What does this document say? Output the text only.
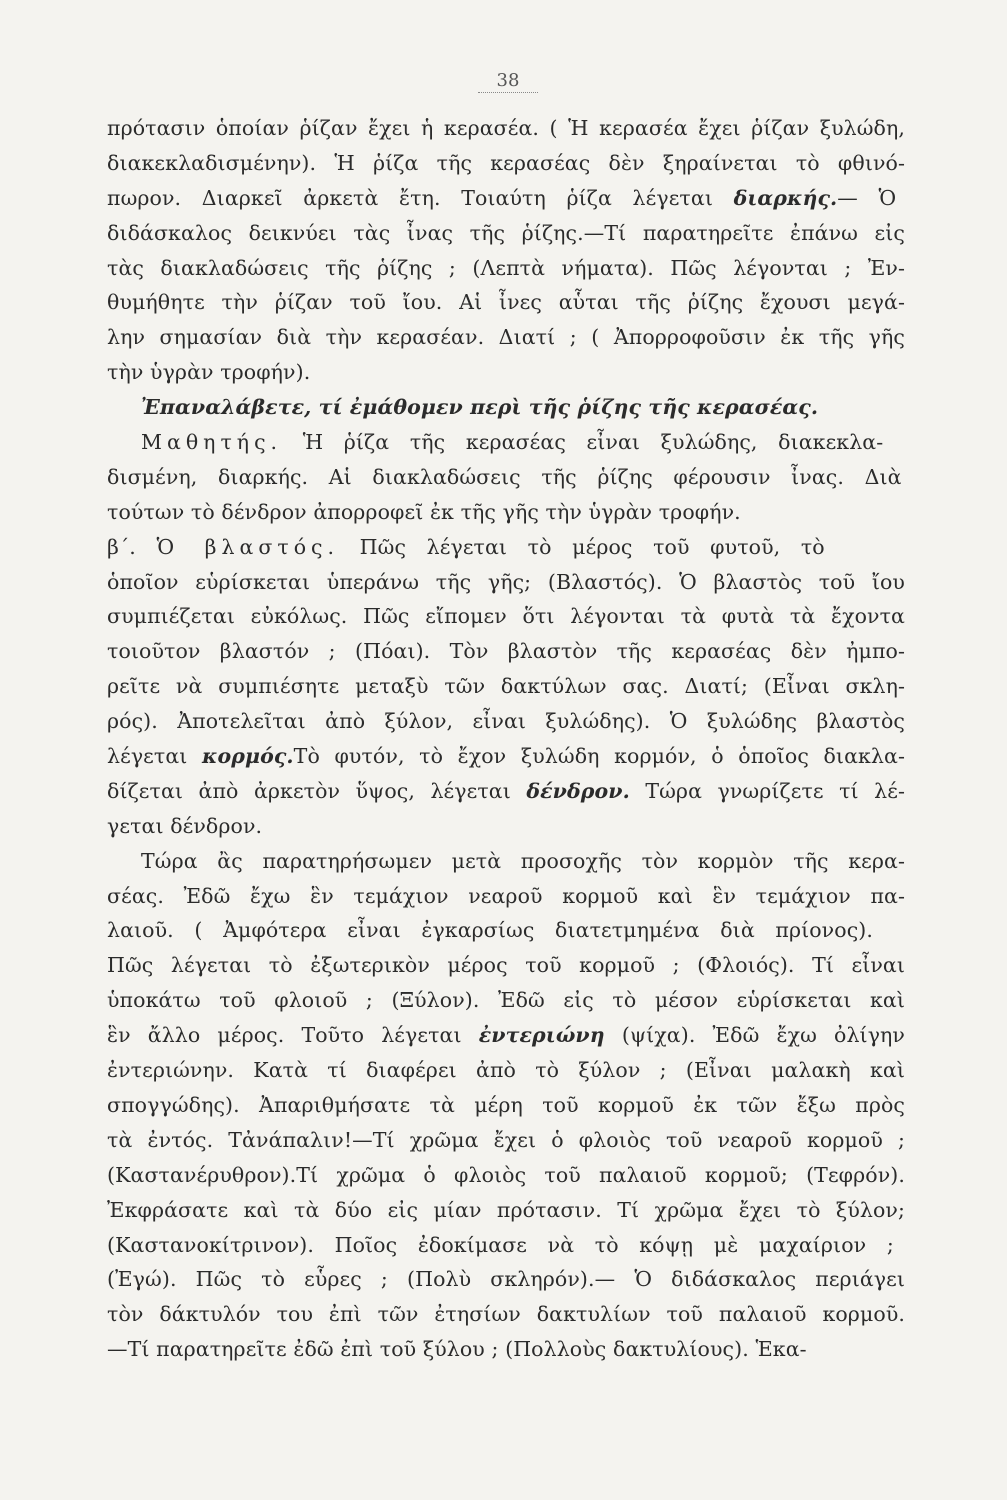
38
πρότασιν ὁποίαν ῥίζαν ἔχει ἡ κερασέα. ( Ἡ κερασέα ἔχει ῥίζαν ξυλώδη,
διακεκλαδισμένην). Ἡ ῥίζα τῆς κερασέας δὲν ξηραίνεται τὸ φθινό-
πωρον. Διαρκεῖ ἀρκετὰ ἔτη. Τοιαύτη ῥίζα λέγεται διαρκής. — Ὁ
διδάσκαλος δεικνύει τὰς ἶνας τῆς ῥίζης.—Τί παρατηρεῖτε ἐπάνω εἰς
τὰς διακλαδώσεις τῆς ῥίζης ; (Λεπτὰ νήματα). Πῶς λέγονται ; Ἐν-
θυμήθητε τὴν ῥίζαν τοῦ ἴου. Αἱ ἶνες αὗται τῆς ῥίζης ἔχουσι μεγά-
λην σημασίαν διὰ τὴν κερασέαν. Διατί ; ( Ἀπορροφοῦσιν ἐκ τῆς γῆς
τὴν ὑγρὰν τροφήν).
Ἐπαναλάβετε, τί ἐμάθομεν περὶ τῆς ῥίζης τῆς κερασέας.
Μαθητής. Ἡ ῥίζα τῆς κερασέας εἶναι ξυλώδης, διακεκλα-
δισμένη, διαρκής. Αἱ διακλαδώσεις τῆς ῥίζης φέρουσιν ἶνας. Διὰ
τούτων τὸ δένδρον ἀπορροφεῖ ἐκ τῆς γῆς τὴν ὑγρὰν τροφήν.
β΄. Ὁ βλαστός. Πῶς λέγεται τὸ μέρος τοῦ φυτοῦ, τὸ
ὁποῖον εὑρίσκεται ὑπεράνω τῆς γῆς; (Βλαστός). Ὁ βλαστὸς τοῦ ἴου
συμπιέζεται εὐκόλως. Πῶς εἴπομεν ὅτι λέγονται τὰ φυτὰ τὰ ἔχοντα
τοιοῦτον βλαστόν ; (Πόαι). Τὸν βλαστὸν τῆς κερασέας δὲν ἠμπο-
ρεῖτε νὰ συμπιέσητε μεταξὺ τῶν δακτύλων σας. Διατί; (Εἶναι σκλη-
ρός). Ἀποτελεῖται ἀπὸ ξύλον, εἶναι ξυλώδης). Ὁ ξυλώδης βλαστὸς
λέγεται κορμός. Τὸ φυτόν, τὸ ἔχον ξυλώδη κορμόν, ὁ ὁποῖος διακλα-
δίζεται ἀπὸ ἀρκετὸν ὕψος, λέγεται δένδρον. Τώρα γνωρίζετε τί λέ-
γεται δένδρον.
Τώρα ἂς παρατηρήσωμεν μετὰ προσοχῆς τὸν κορμὸν τῆς κερα-
σέας. Ἐδῶ ἔχω ἓν τεμάχιον νεαροῦ κορμοῦ καὶ ἓν τεμάχιον πα-
λαιοῦ. ( Ἀμφότερα εἶναι ἐγκαρσίως διατετμημένα διὰ πρίονος).
Πῶς λέγεται τὸ ἐξωτερικὸν μέρος τοῦ κορμοῦ ; (Φλοιός). Τί εἶναι
ὑποκάτω τοῦ φλοιοῦ ; (Ξύλον). Ἐδῶ εἰς τὸ μέσον εὑρίσκεται καὶ
ἓν ἄλλο μέρος. Τοῦτο λέγεται ἐντεριώνη (ψίχα). Ἐδῶ ἔχω ὀλίγην
ἐντεριώνην. Κατὰ τί διαφέρει ἀπὸ τὸ ξύλον ; (Εἶναι μαλακὴ καὶ
σπογγώδης). Ἀπαριθμήσατε τὰ μέρη τοῦ κορμοῦ ἐκ τῶν ἔξω πρὸς
τὰ ἐντός. Τἀνάπαλιν!—Τί χρῶμα ἔχει ὁ φλοιὸς τοῦ νεαροῦ κορμοῦ ;
(Καστανέρυθρον).Τί χρῶμα ὁ φλοιὸς τοῦ παλαιοῦ κορμοῦ; (Τεφρόν).
Ἐκφράσατε καὶ τὰ δύο εἰς μίαν πρότασιν. Τί χρῶμα ἔχει τὸ ξύλον;
(Καστανοκίτρινον). Ποῖος ἐδοκίμασε νὰ τὸ κόψῃ μὲ μαχαίριον ;
(Ἐγώ). Πῶς τὸ εὗρες ; (Πολὺ σκληρόν).— Ὁ διδάσκαλος περιάγει
τὸν δάκτυλόν του ἐπὶ τῶν ἐτησίων δακτυλίων τοῦ παλαιοῦ κορμοῦ.
—Τί παρατηρεῖτε ἐδῶ ἐπὶ τοῦ ξύλου ; (Πολλοὺς δακτυλίους). Ἑκα-
